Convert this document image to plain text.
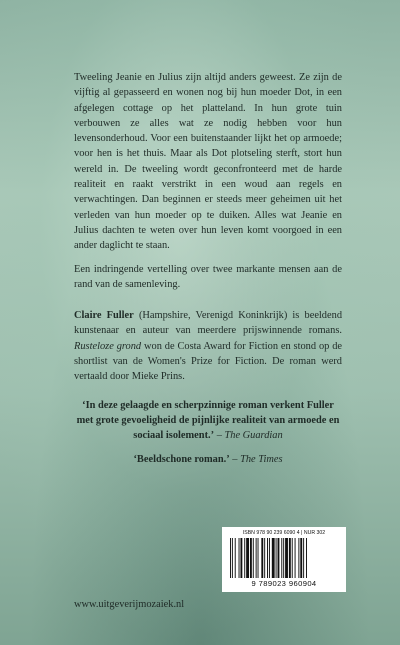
Tweeling Jeanie en Julius zijn altijd anders geweest. Ze zijn de vijftig al gepasseerd en wonen nog bij hun moeder Dot, in een afgelegen cottage op het platteland. In hun grote tuin verbouwen ze alles wat ze nodig hebben voor hun levensonderhoud. Voor een buitenstaander lijkt het op armoede; voor hen is het thuis. Maar als Dot plotseling sterft, stort hun wereld in. De tweeling wordt geconfronteerd met de harde realiteit en raakt verstrikt in een woud aan regels en verwachtingen. Dan beginnen er steeds meer geheimen uit het verleden van hun moeder op te duiken. Alles wat Jeanie en Julius dachten te weten over hun leven komt voorgoed in een ander daglicht te staan.

Een indringende vertelling over twee markante mensen aan de rand van de samenleving.

Claire Fuller (Hampshire, Verenigd Koninkrijk) is beeldend kunstenaar en auteur van meerdere prijswinnende romans. Rusteloze grond won de Costa Award for Fiction en stond op de shortlist van de Women's Prize for Fiction. De roman werd vertaald door Mieke Prins.

‘In deze gelaagde en scherpzinnige roman verkent Fuller met grote gevoeligheid de pijnlijke realiteit van armoede en sociaal isolement.’ – The Guardian
‘Beeldschone roman.’ – The Times
ISBN 978 90 239 6090 4 | NUR 302
9 789023 960904
www.uitgeverijmozaiek.nl
